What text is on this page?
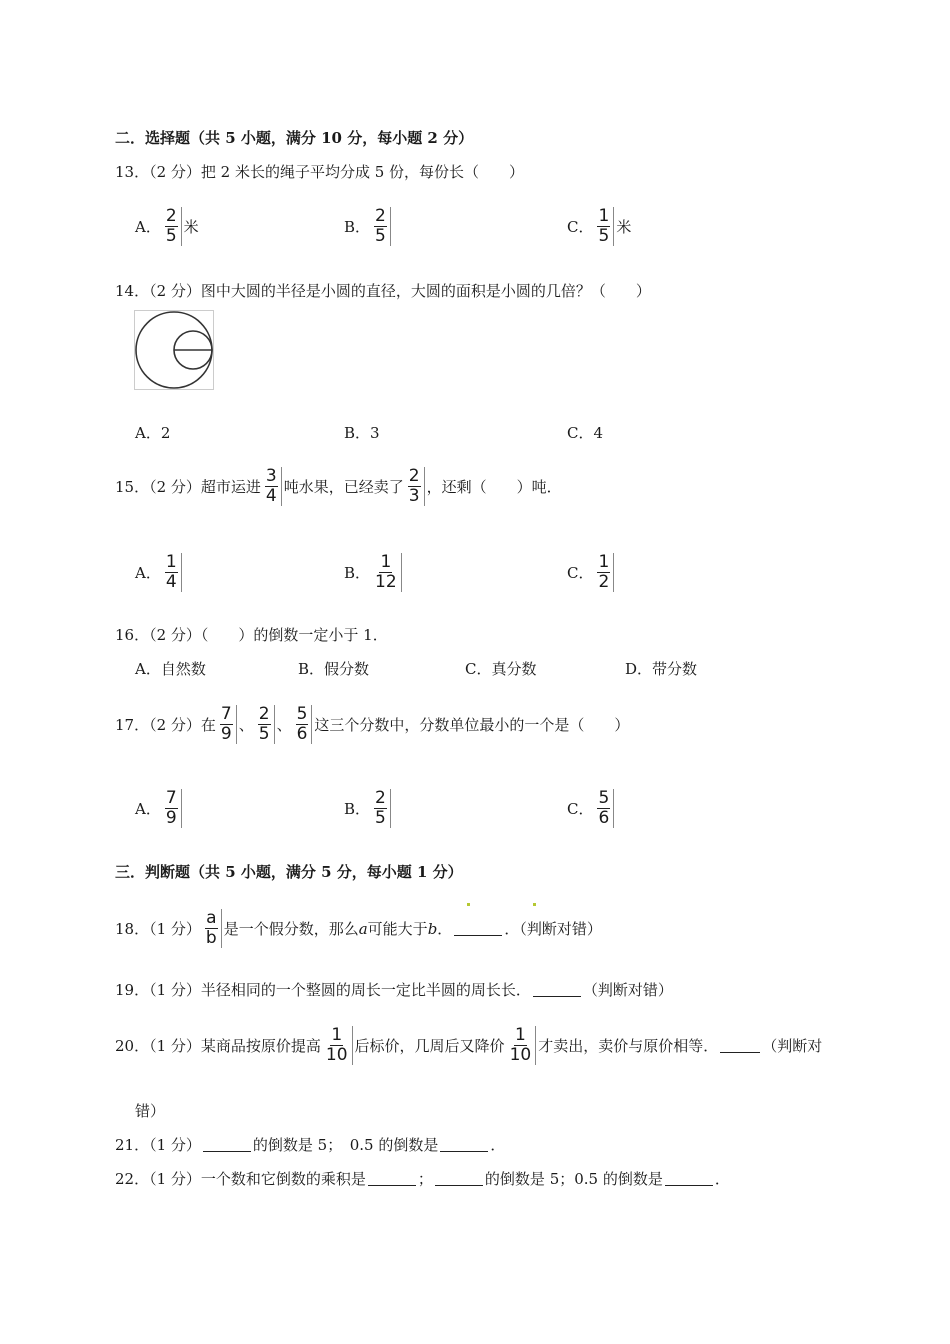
二．选择题（共 5 小题，满分 10 分，每小题 2 分）
13．（2 分）把 2 米长的绳子平均分成 5 份，每份长（　　）
A． $\frac{2}{5}$ 米	B． $\frac{2}{5}$	C． $\frac{1}{5}$ 米
14．（2 分）图中大圆的半径是小圆的直径，大圆的面积是小圆的几倍？（　　）
A．2	B．3	C．4
15．（2 分）超市运进 $\frac{3}{4}$ 吨水果，已经卖了 $\frac{2}{3}$ ，还剩（　　）吨．
A． $\frac{1}{4}$	B． $\frac{1}{12}$	C． $\frac{1}{2}$
16．（2 分）（　　）的倒数一定小于 1．
A．自然数	B．假分数	C．真分数	D．带分数
17．（2 分）在 $\frac{7}{9}$ 、 $\frac{2}{5}$ 、 $\frac{5}{6}$ 这三个分数中，分数单位最小的一个是（　　）
A． $\frac{7}{9}$	B． $\frac{2}{5}$	C． $\frac{5}{6}$
三．判断题（共 5 小题，满分 5 分，每小题 1 分）
18．（1 分） $\frac{a}{b}$ 是一个假分数，那么 a 可能大于 b ．	．（判断对错）
19．（1 分）半径相同的一个整圆的周长一定比半圆的周长长．	（判断对错）
20．（1 分）某商品按原价提高 $\frac{1}{10}$ 后标价，几周后又降价 $\frac{1}{10}$ 才卖出，卖价与原价相等．	（判断对
错）
21．（1 分）	的倒数是 5；　0.5 的倒数是	．
22．（1 分）一个数和它倒数的乘积是	；	的倒数是 5；0.5 的倒数是	．
